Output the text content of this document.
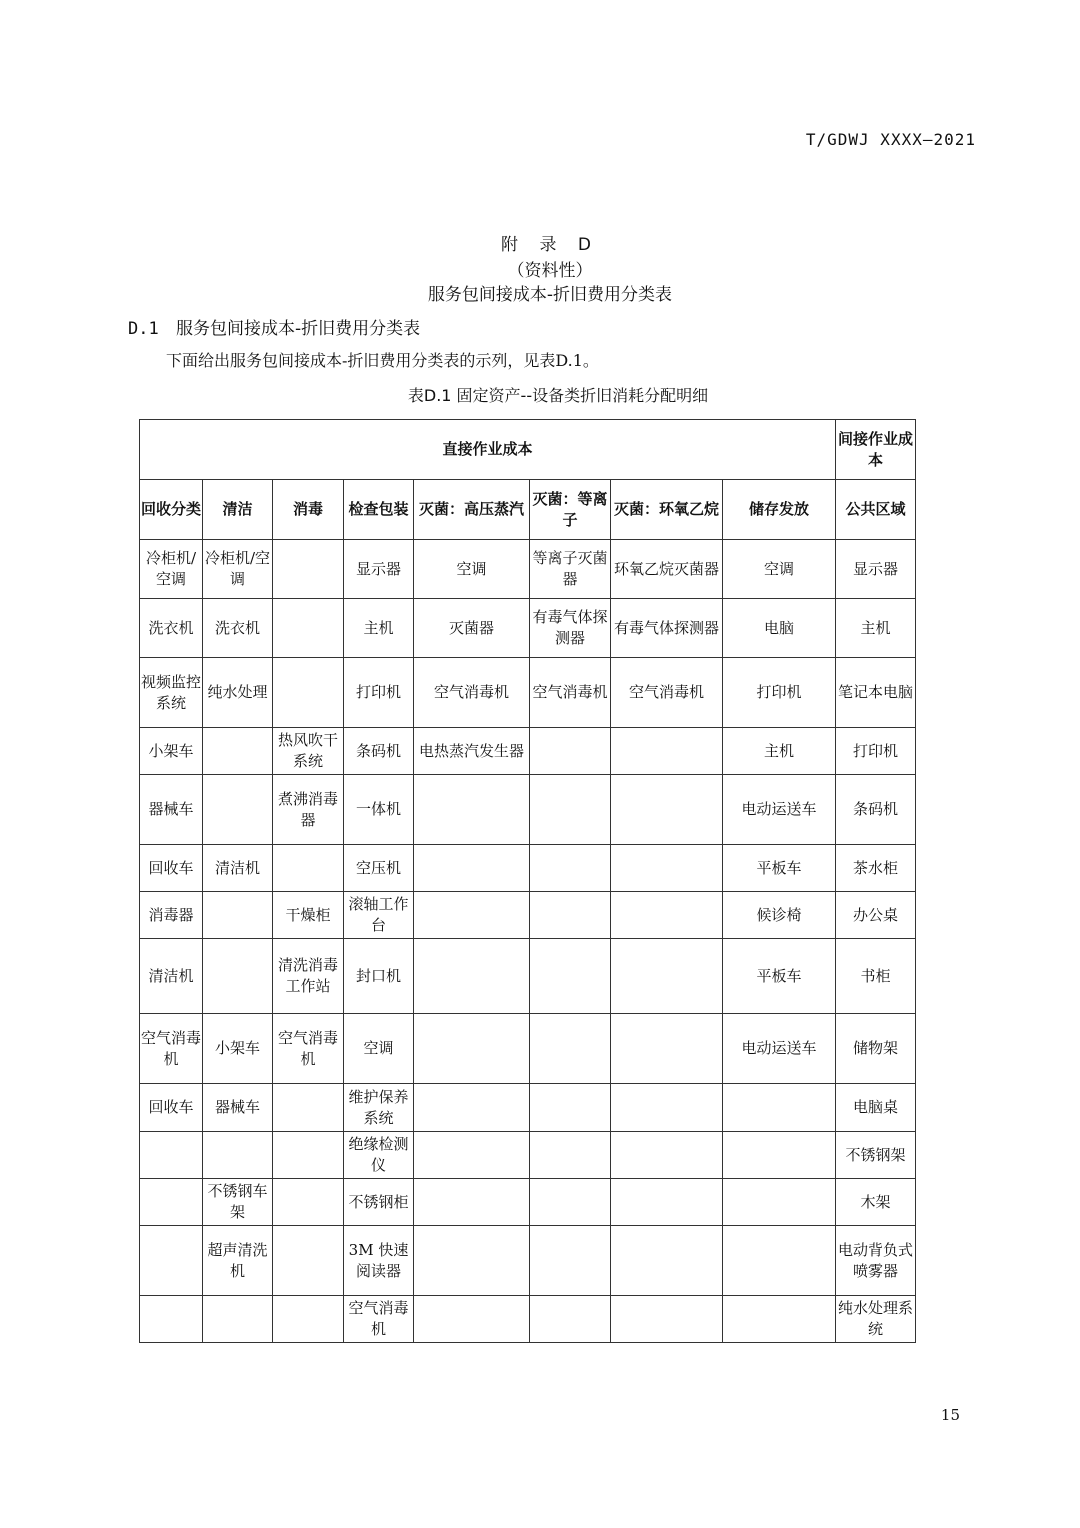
T/GDWJ XXXX—2021
附 录 D
（资料性）
服务包间接成本-折旧费用分类表
D.1 服务包间接成本-折旧费用分类表
下面给出服务包间接成本-折旧费用分类表的示列，见表D.1。
表D.1 固定资产--设备类折旧消耗分配明细
直接作业成本								间接作业成本
回收分类	清洁	消毒	检查包装	灭菌：高压蒸汽	灭菌：等离子	灭菌：环氧乙烷	储存发放	公共区域
冷柜机/空调	冷柜机/空调		显示器	空调	等离子灭菌器	环氧乙烷灭菌器	空调	显示器
洗衣机	洗衣机		主机	灭菌器	有毒气体探测器	有毒气体探测器	电脑	主机
视频监控系统	纯水处理		打印机	空气消毒机	空气消毒机	空气消毒机	打印机	笔记本电脑
小架车		热风吹干系统	条码机	电热蒸汽发生器			主机	打印机
器械车		煮沸消毒器	一体机				电动运送车	条码机
回收车	清洁机		空压机				平板车	茶水柜
消毒器		干燥柜	滚轴工作台				候诊椅	办公桌
清洁机		清洗消毒工作站	封口机				平板车	书柜
空气消毒机	小架车	空气消毒机	空调				电动运送车	储物架
回收车	器械车		维护保养系统					电脑桌
			绝缘检测仪					不锈钢架
	不锈钢车架		不锈钢柜					木架
	超声清洗机		3M 快速阅读器					电动背负式喷雾器
			空气消毒机					纯水处理系统
15
